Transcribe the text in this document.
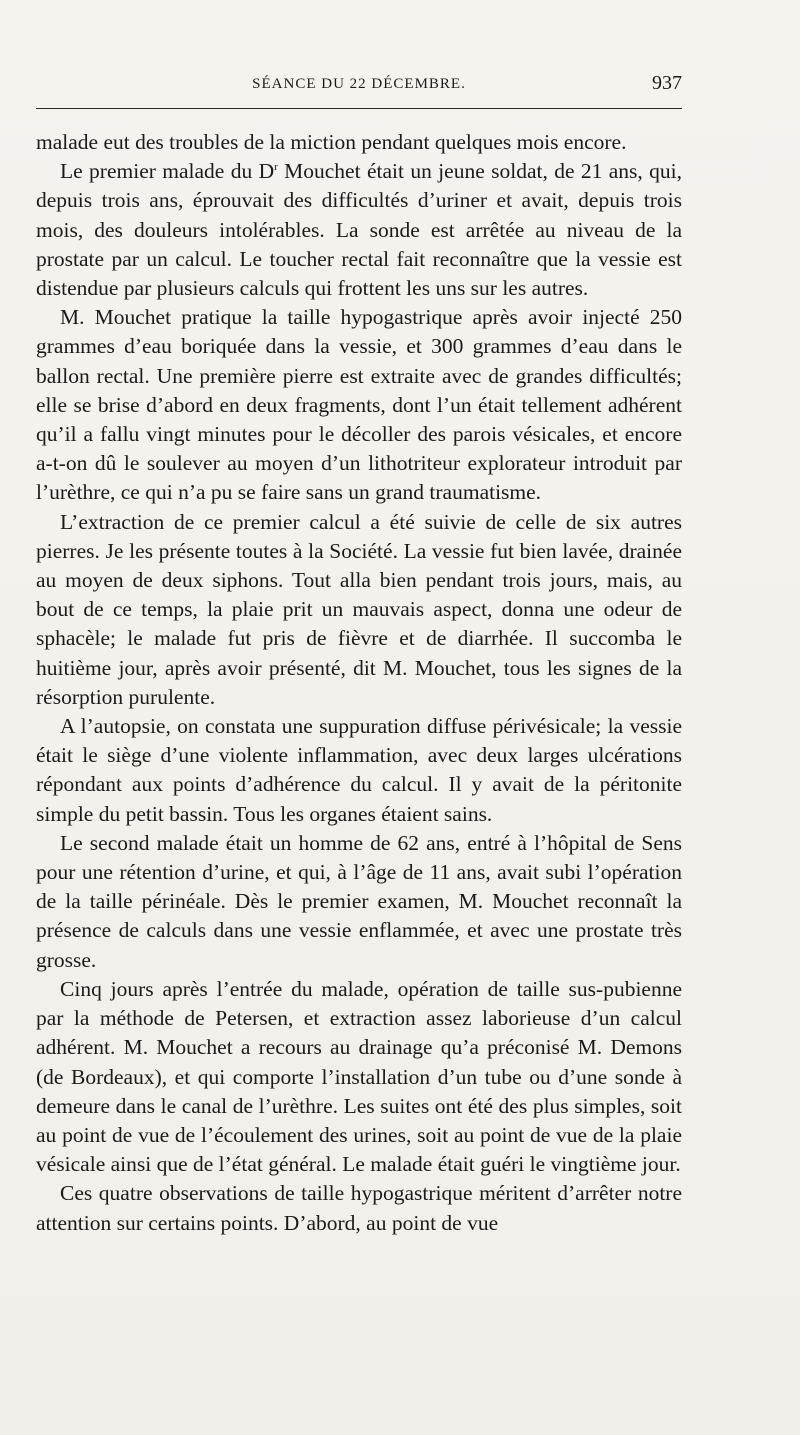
SÉANCE DU 22 DÉCEMBRE.	937

malade eut des troubles de la miction pendant quelques mois encore.

Le premier malade du $D^r$ Mouchet était un jeune soldat, de 21 ans, qui, depuis trois ans, éprouvait des difficultés d’uriner et avait, depuis trois mois, des douleurs intolérables. La sonde est arrêtée au niveau de la prostate par un calcul. Le toucher rectal fait reconnaître que la vessie est distendue par plusieurs calculs qui frottent les uns sur les autres.

M. Mouchet pratique la taille hypogastrique après avoir injecté 250 grammes d’eau boriquée dans la vessie, et 300 grammes d’eau dans le ballon rectal. Une première pierre est extraite avec de grandes difficultés; elle se brise d’abord en deux fragments, dont l’un était tellement adhérent qu’il a fallu vingt minutes pour le décoller des parois vésicales, et encore a-t-on dû le soulever au moyen d’un lithotriteur explorateur introduit par l’urèthre, ce qui n’a pu se faire sans un grand traumatisme.

L’extraction de ce premier calcul a été suivie de celle de six autres pierres. Je les présente toutes à la Société. La vessie fut bien lavée, drainée au moyen de deux siphons. Tout alla bien pendant trois jours, mais, au bout de ce temps, la plaie prit un mauvais aspect, donna une odeur de sphacèle; le malade fut pris de fièvre et de diarrhée. Il succomba le huitième jour, après avoir présenté, dit M. Mouchet, tous les signes de la résorption purulente.

A l’autopsie, on constata une suppuration diffuse périvésicale; la vessie était le siège d’une violente inflammation, avec deux larges ulcérations répondant aux points d’adhérence du calcul. Il y avait de la péritonite simple du petit bassin. Tous les organes étaient sains.

Le second malade était un homme de 62 ans, entré à l’hôpital de Sens pour une rétention d’urine, et qui, à l’âge de 11 ans, avait subi l’opération de la taille périnéale. Dès le premier examen, M. Mouchet reconnaît la présence de calculs dans une vessie enflammée, et avec une prostate très grosse.

Cinq jours après l’entrée du malade, opération de taille sus-pubienne par la méthode de Petersen, et extraction assez laborieuse d’un calcul adhérent. M. Mouchet a recours au drainage qu’a préconisé M. Demons (de Bordeaux), et qui comporte l’installation d’un tube ou d’une sonde à demeure dans le canal de l’urèthre. Les suites ont été des plus simples, soit au point de vue de l’écoulement des urines, soit au point de vue de la plaie vésicale ainsi que de l’état général. Le malade était guéri le vingtième jour.

Ces quatre observations de taille hypogastrique méritent d’arrêter notre attention sur certains points. D’abord, au point de vue
